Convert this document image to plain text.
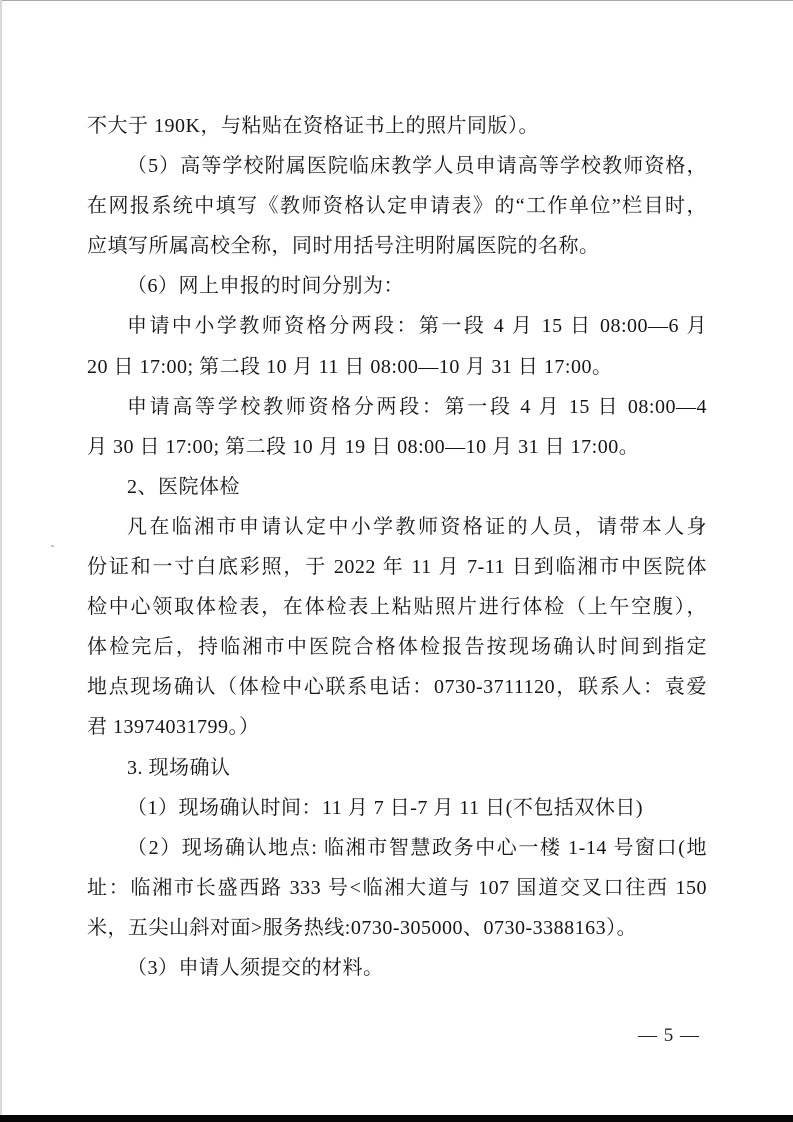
不大于 190K，与粘贴在资格证书上的照片同版）。
（5）高等学校附属医院临床教学人员申请高等学校教师资格，
在网报系统中填写《教师资格认定申请表》的“工作单位”栏目时，
应填写所属高校全称，同时用括号注明附属医院的名称。
（6）网上申报的时间分别为：
申请中小学教师资格分两段：第一段 4 月 15 日 08:00—6 月
20 日 17:00; 第二段 10 月 11 日 08:00—10 月 31 日 17:00。
申请高等学校教师资格分两段：第一段 4 月 15 日 08:00—4
月 30 日 17:00; 第二段 10 月 19 日 08:00—10 月 31 日 17:00。
2、医院体检
凡在临湘市申请认定中小学教师资格证的人员，请带本人身
份证和一寸白底彩照，于 2022 年 11 月 7-11 日到临湘市中医院体
检中心领取体检表，在体检表上粘贴照片进行体检（上午空腹），
体检完后，持临湘市中医院合格体检报告按现场确认时间到指定
地点现场确认（体检中心联系电话：0730-3711120，联系人：袁爱
君 13974031799。）
3. 现场确认
（1）现场确认时间：11 月 7 日-7 月 11 日(不包括双休日)
（2）现场确认地点: 临湘市智慧政务中心一楼 1-14 号窗口(地
址：临湘市长盛西路 333 号<临湘大道与 107 国道交叉口往西 150
米，五尖山斜对面>服务热线:0730-305000、0730-3388163）。
（3）申请人须提交的材料。
— 5 —
